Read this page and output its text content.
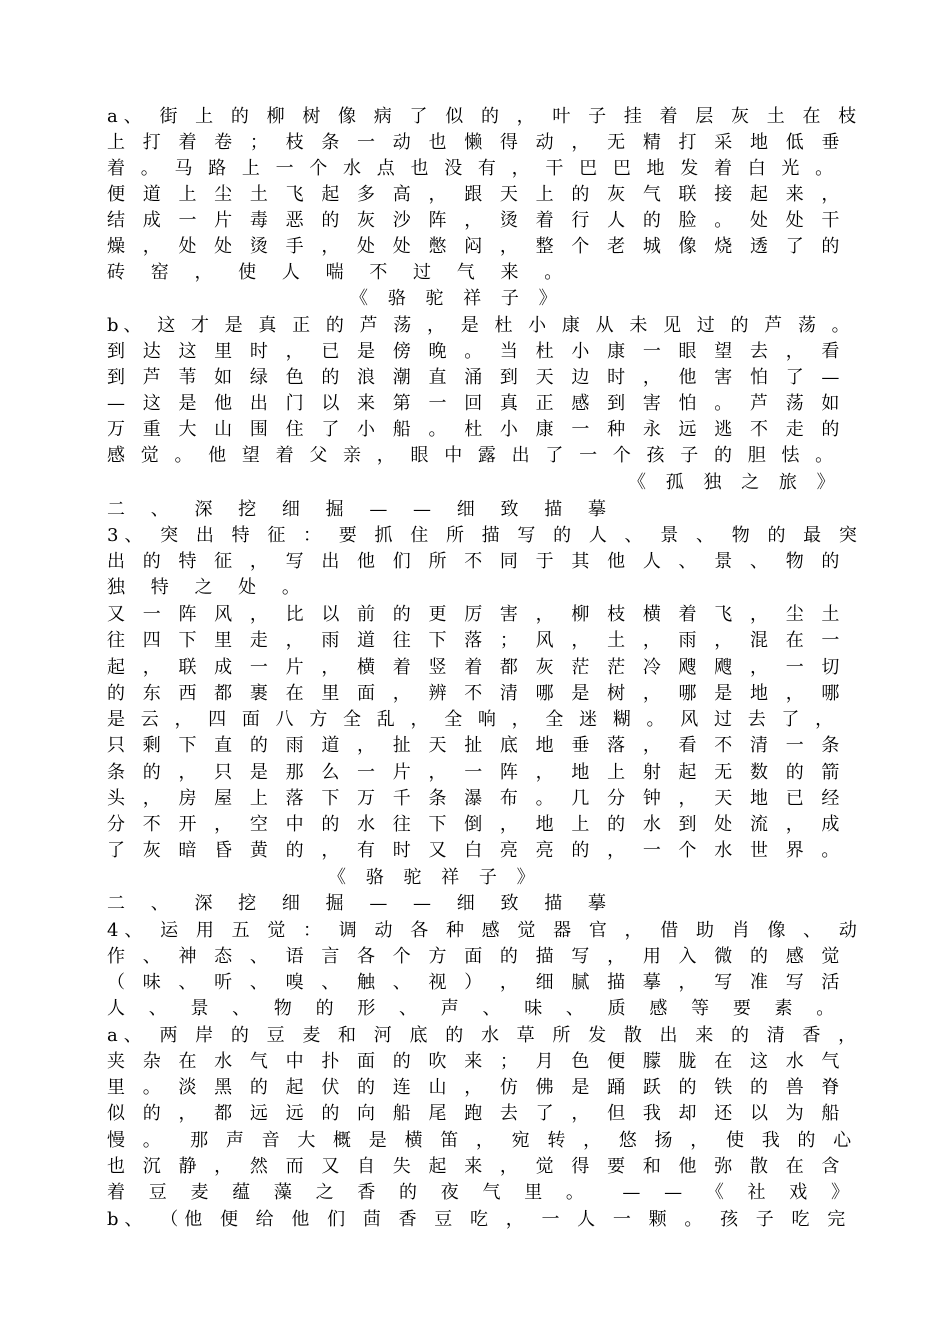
a、 街 上 的 柳 树 像 病 了 似 的 ， 叶 子 挂 着 层 灰 土 在 枝

上 打 着 卷 ； 枝 条 一 动 也 懒 得 动 ， 无 精 打 采 地 低 垂

着 。 马 路 上 一 个 水 点 也 没 有 ， 干 巴 巴 地 发 着 白 光 。

便 道 上 尘 土 飞 起 多 高 ， 跟 天 上 的 灰 气 联 接 起 来 ，

结 成 一 片 毒 恶 的 灰 沙 阵 ， 烫 着 行 人 的 脸 。 处 处 干

燥 ， 处 处 烫 手 ， 处 处 憋 闷 ， 整 个 老 城 像 烧 透 了 的

砖 窑 ， 使 人 喘 不 过 气 来 。

《 骆 驼 祥 子 》

b、 这 才 是 真 正 的 芦 荡 ， 是 杜 小 康 从 未 见 过 的 芦 荡 。

到 达 这 里 时 ， 已 是 傍 晚 。 当 杜 小 康 一 眼 望 去 ， 看

到 芦 苇 如 绿 色 的 浪 潮 直 涌 到 天 边 时 ， 他 害 怕 了 —

— 这 是 他 出 门 以 来 第 一 回 真 正 感 到 害 怕 。 芦 荡 如

万 重 大 山 围 住 了 小 船 。 杜 小 康 一 种 永 远 逃 不 走 的

感 觉 。 他 望 着 父 亲 ， 眼 中 露 出 了 一 个 孩 子 的 胆 怯 。

《 孤 独 之 旅 》

二 、 深 挖 细 掘 — — 细 致 描 摹

3、 突 出 特 征 ： 要 抓 住 所 描 写 的 人 、 景 、 物 的 最 突

出 的 特 征 ， 写 出 他 们 所 不 同 于 其 他 人 、 景 、 物 的

独 特 之 处 。

又 一 阵 风 ， 比 以 前 的 更 厉 害 ， 柳 枝 横 着 飞 ， 尘 土

往 四 下 里 走 ， 雨 道 往 下 落 ； 风 ， 土 ， 雨 ， 混 在 一

起 ， 联 成 一 片 ， 横 着 竖 着 都 灰 茫 茫 冷 飕 飕 ， 一 切

的 东 西 都 裹 在 里 面 ， 辨 不 清 哪 是 树 ， 哪 是 地 ， 哪

是 云 ， 四 面 八 方 全 乱 ， 全 响 ， 全 迷 糊 。 风 过 去 了 ，

只 剩 下 直 的 雨 道 ， 扯 天 扯 底 地 垂 落 ， 看 不 清 一 条

条 的 ， 只 是 那 么 一 片 ， 一 阵 ， 地 上 射 起 无 数 的 箭

头 ， 房 屋 上 落 下 万 千 条 瀑 布 。 几 分 钟 ， 天 地 已 经

分 不 开 ， 空 中 的 水 往 下 倒 ， 地 上 的 水 到 处 流 ， 成

了 灰 暗 昏 黄 的 ， 有 时 又 白 亮 亮 的 ， 一 个 水 世 界 。

《 骆 驼 祥 子 》

二 、 深 挖 细 掘 — — 细 致 描 摹

4、 运 用 五 觉 ： 调 动 各 种 感 觉 器 官 ， 借 助 肖 像 、 动

作 、 神 态 、 语 言 各 个 方 面 的 描 写 ， 用 入 微 的 感 觉

（ 味 、 听 、 嗅 、 触 、 视 ） ， 细 腻 描 摹 ， 写 准 写 活

人 、 景 、 物 的 形 、 声 、 味 、 质 感 等 要 素 。

a、 两 岸 的 豆 麦 和 河 底 的 水 草 所 发 散 出 来 的 清 香 ，

夹 杂 在 水 气 中 扑 面 的 吹 来 ； 月 色 便 朦 胧 在 这 水 气

里 。 淡 黑 的 起 伏 的 连 山 ， 仿 佛 是 踊 跃 的 铁 的 兽 脊

似 的 ， 都 远 远 的 向 船 尾 跑 去 了 ， 但 我 却 还 以 为 船

慢 。  那 声 音 大 概 是 横 笛 ， 宛 转 ， 悠 扬 ， 使 我 的 心

也 沉 静 ， 然 而 又 自 失 起 来 ， 觉 得 要 和 他 弥 散 在 含

着 豆 麦 蕴 藻 之 香 的 夜 气 里 。  — — 《 社 戏 》

b、 （他 便 给 他 们 茴 香 豆 吃 ， 一 人 一 颗 。 孩 子 吃 完
